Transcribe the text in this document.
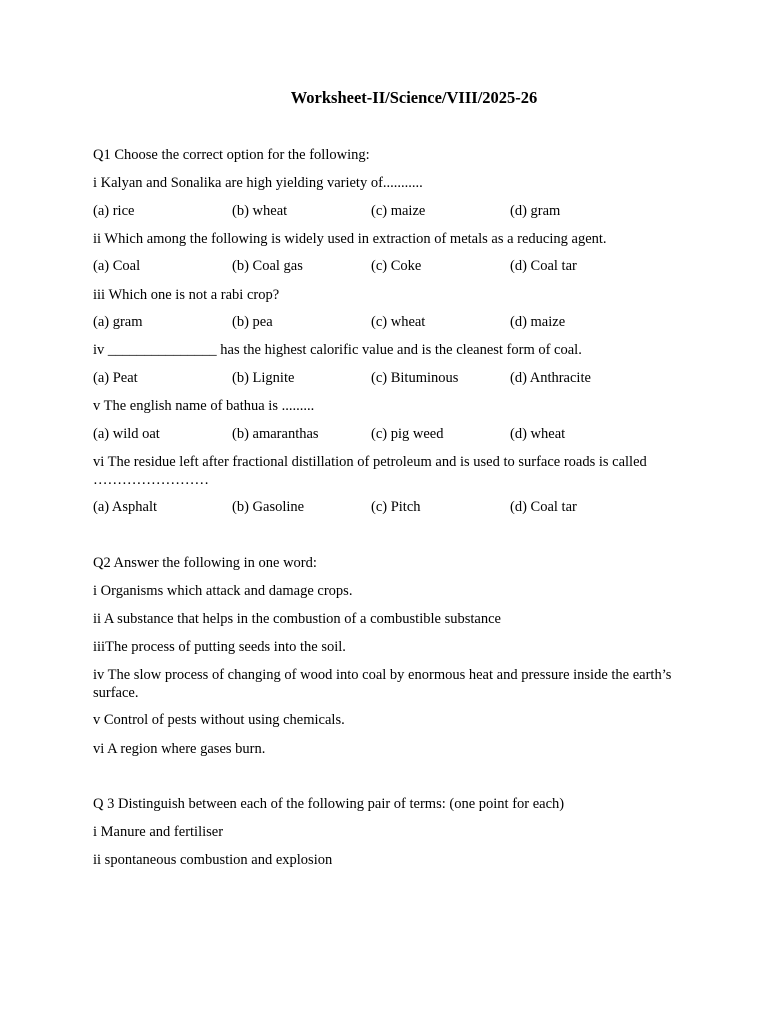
Worksheet-II/Science/VIII/2025-26
Q1 Choose the correct option for the following:
i Kalyan and Sonalika are high yielding variety of...........
(a) rice	(b) wheat	(c) maize	(d) gram
ii Which among the following is widely used in extraction of metals as a reducing agent.
(a) Coal	(b) Coal gas	(c) Coke	(d) Coal tar
iii Which one is not a rabi crop?
(a) gram	(b) pea	(c) wheat	(d) maize
iv _______________ has the highest calorific value and is the cleanest form of coal.
(a) Peat	(b) Lignite	(c) Bituminous	(d) Anthracite
v The english name of bathua is .........
(a) wild oat	(b) amaranthas	(c) pig weed	(d) wheat
vi The residue left after fractional distillation of petroleum and is used to surface roads is called ……………………
(a) Asphalt	(b) Gasoline	(c) Pitch	(d) Coal tar
Q2 Answer the following in one word:
i Organisms which attack and damage crops.
ii A substance that helps in the combustion of a combustible substance
iiiThe process of putting seeds into the soil.
iv The slow process of changing of wood into coal by enormous heat and pressure inside the earth’s surface.
v Control of pests without using chemicals.
vi A region where gases burn.
Q 3 Distinguish between each of the following pair of terms: (one point for each)
i Manure and fertiliser
ii spontaneous combustion and explosion
